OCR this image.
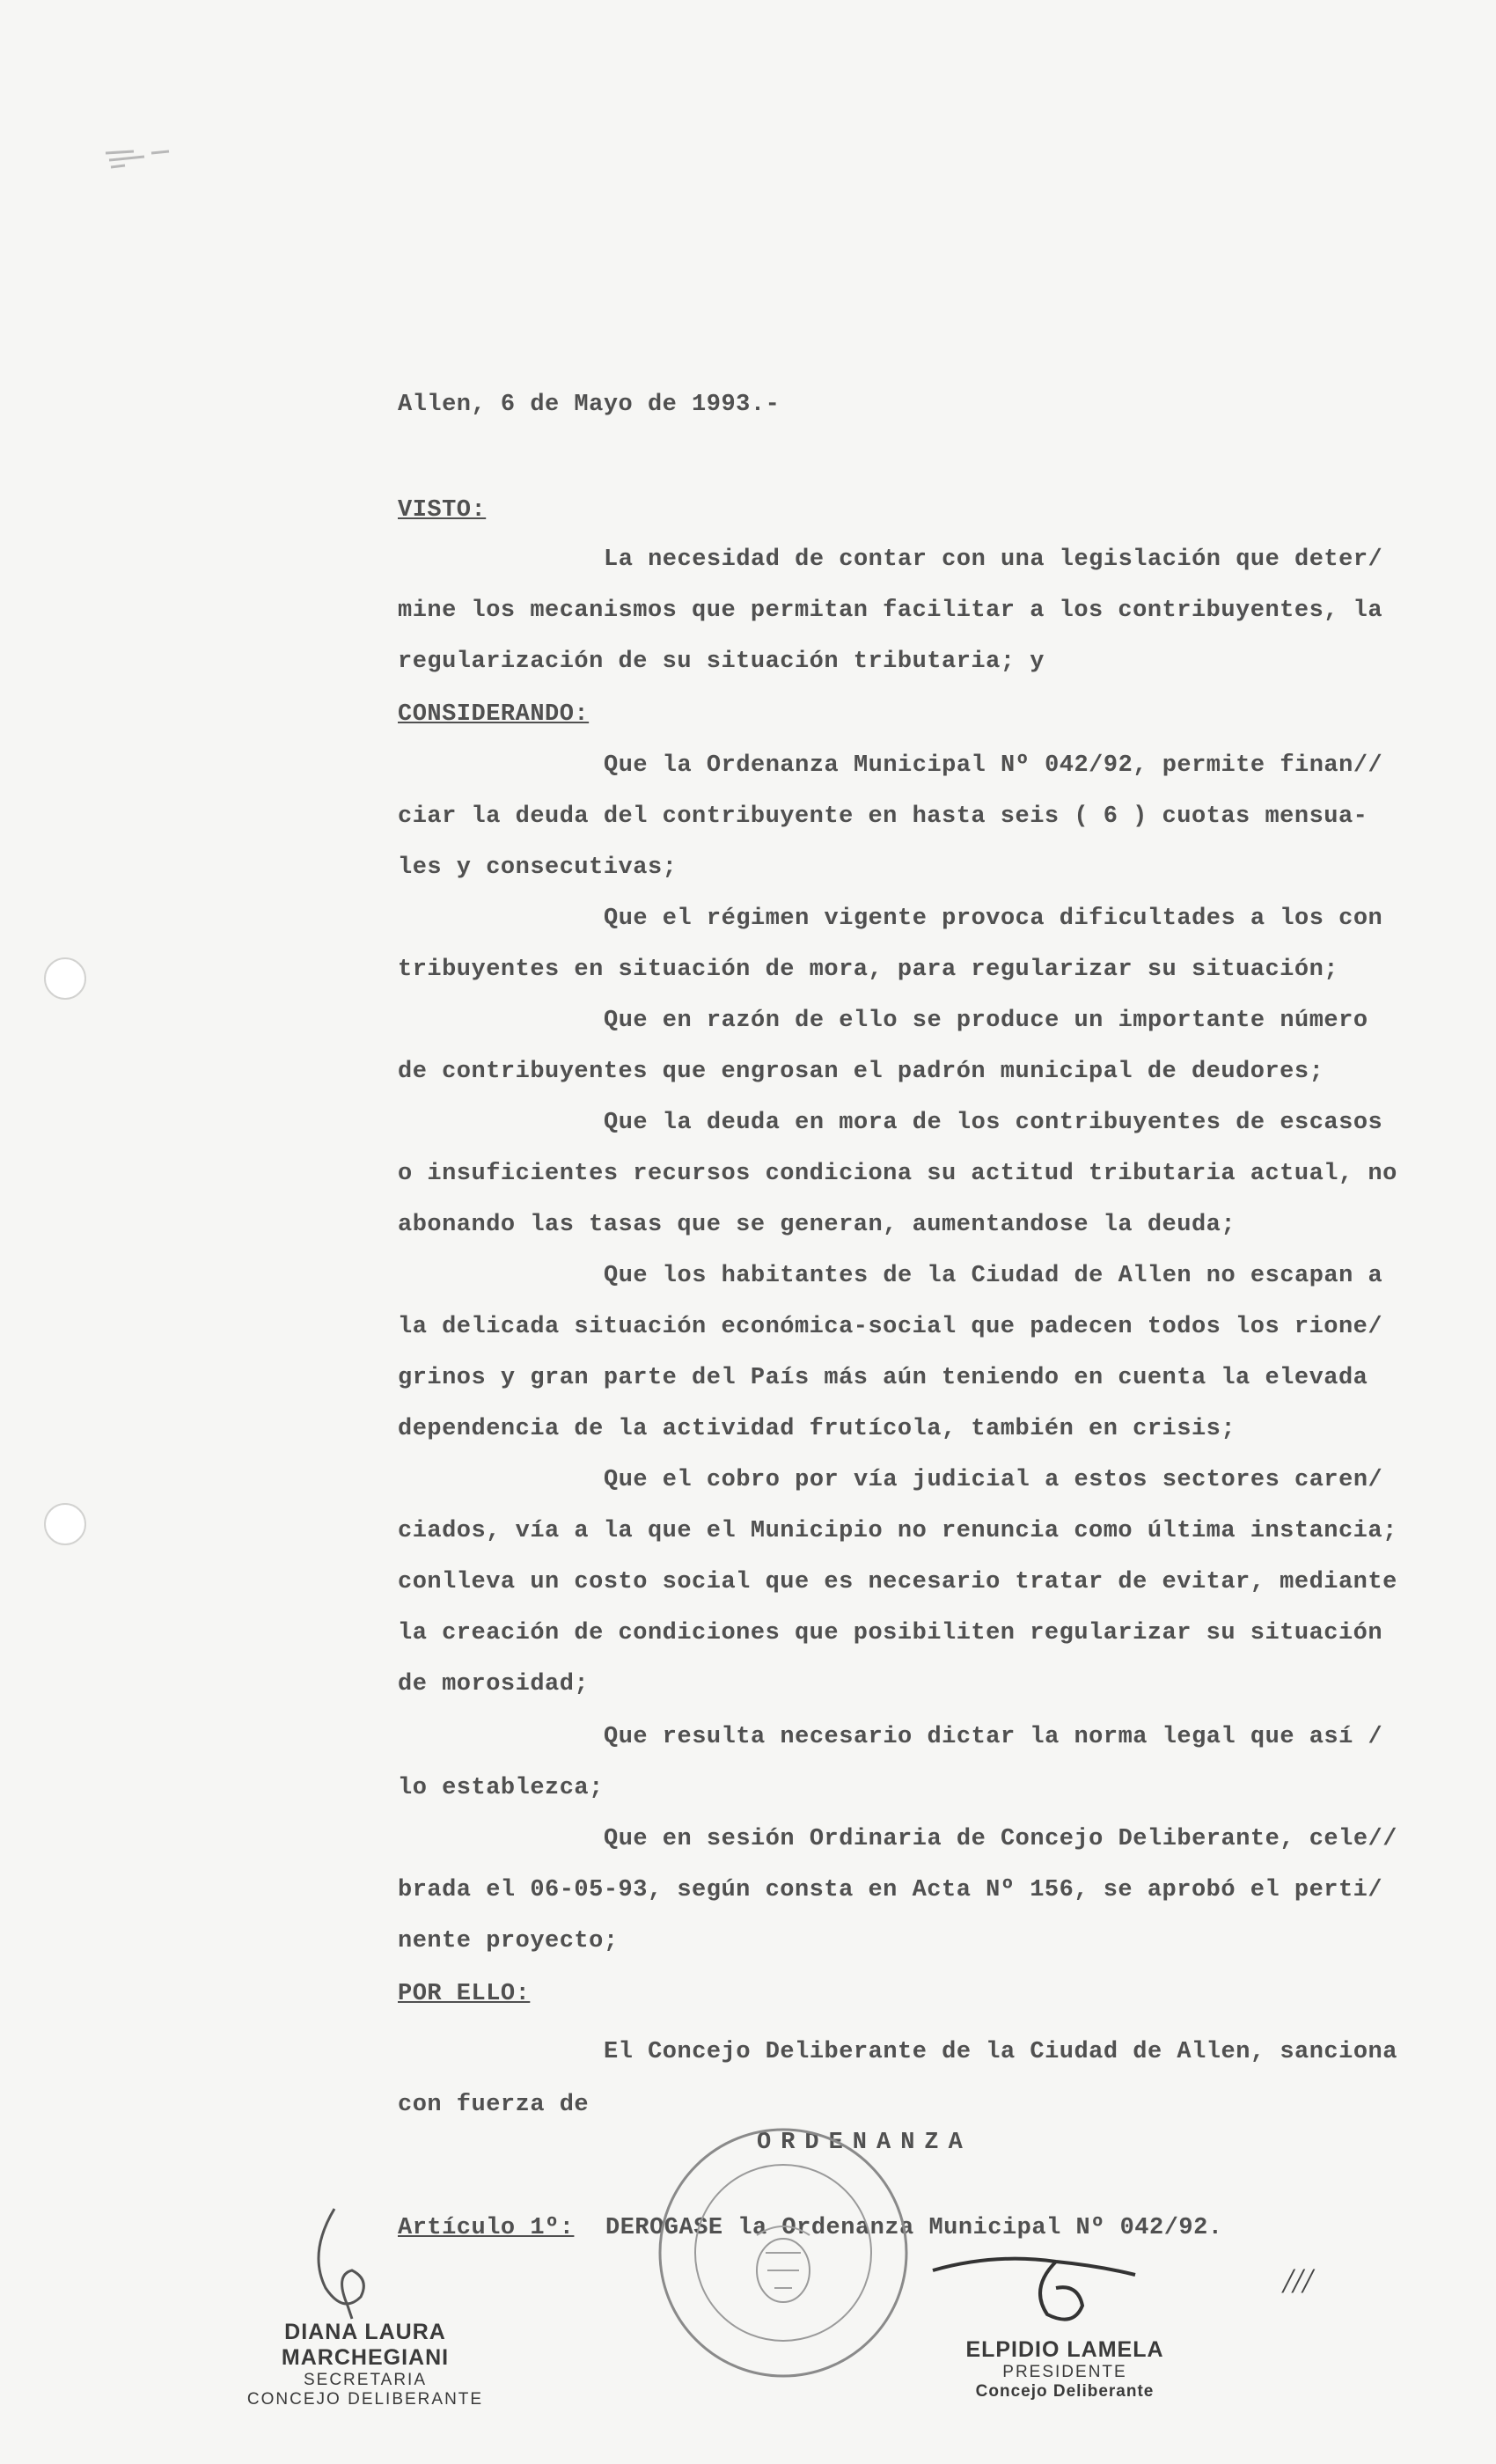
Allen, 6 de Mayo de 1993.-
VISTO:
La necesidad de contar con una legislación que deter/
mine los mecanismos que permitan facilitar a los contribuyentes, la
regularización de su situación tributaria; y
CONSIDERANDO:
Que la Ordenanza Municipal Nº 042/92, permite finan//
ciar la deuda del contribuyente en hasta seis ( 6 ) cuotas mensua-
les y consecutivas;
Que el régimen vigente provoca dificultades a los con
tribuyentes en situación de mora, para regularizar su situación;
Que en razón de ello se produce un importante número
de contribuyentes que engrosan el padrón municipal de deudores;
Que la deuda en mora de los contribuyentes de escasos
o insuficientes recursos condiciona su actitud tributaria actual, no
abonando las tasas que se generan, aumentandose la deuda;
Que los habitantes de la Ciudad de Allen no escapan a
la delicada situación económica-social que padecen todos los rione/
grinos y gran parte del País más aún teniendo en cuenta la elevada
dependencia de la actividad frutícola, también en crisis;
Que el cobro por vía judicial a estos sectores caren/
ciados, vía a la que el Municipio no renuncia como última instancia;
conlleva un costo social que es necesario tratar de evitar, mediante
la creación de condiciones que posibiliten regularizar su situación
de morosidad;
Que resulta necesario dictar la norma legal que así /
lo establezca;
Que en sesión Ordinaria de Concejo Deliberante, cele//
brada el 06-05-93, según consta en Acta Nº 156, se aprobó el perti/
nente proyecto;
POR ELLO:
El Concejo Deliberante de la Ciudad de Allen, sanciona
con fuerza de
ORDENANZA
Artículo 1º: DEROGASE la Ordenanza Municipal Nº 042/92.
DIANA LAURA MARCHEGIANI
SECRETARIA
CONCEJO DELIBERANTE
ELPIDIO LAMELA
PRESIDENTE
Concejo Deliberante
///
